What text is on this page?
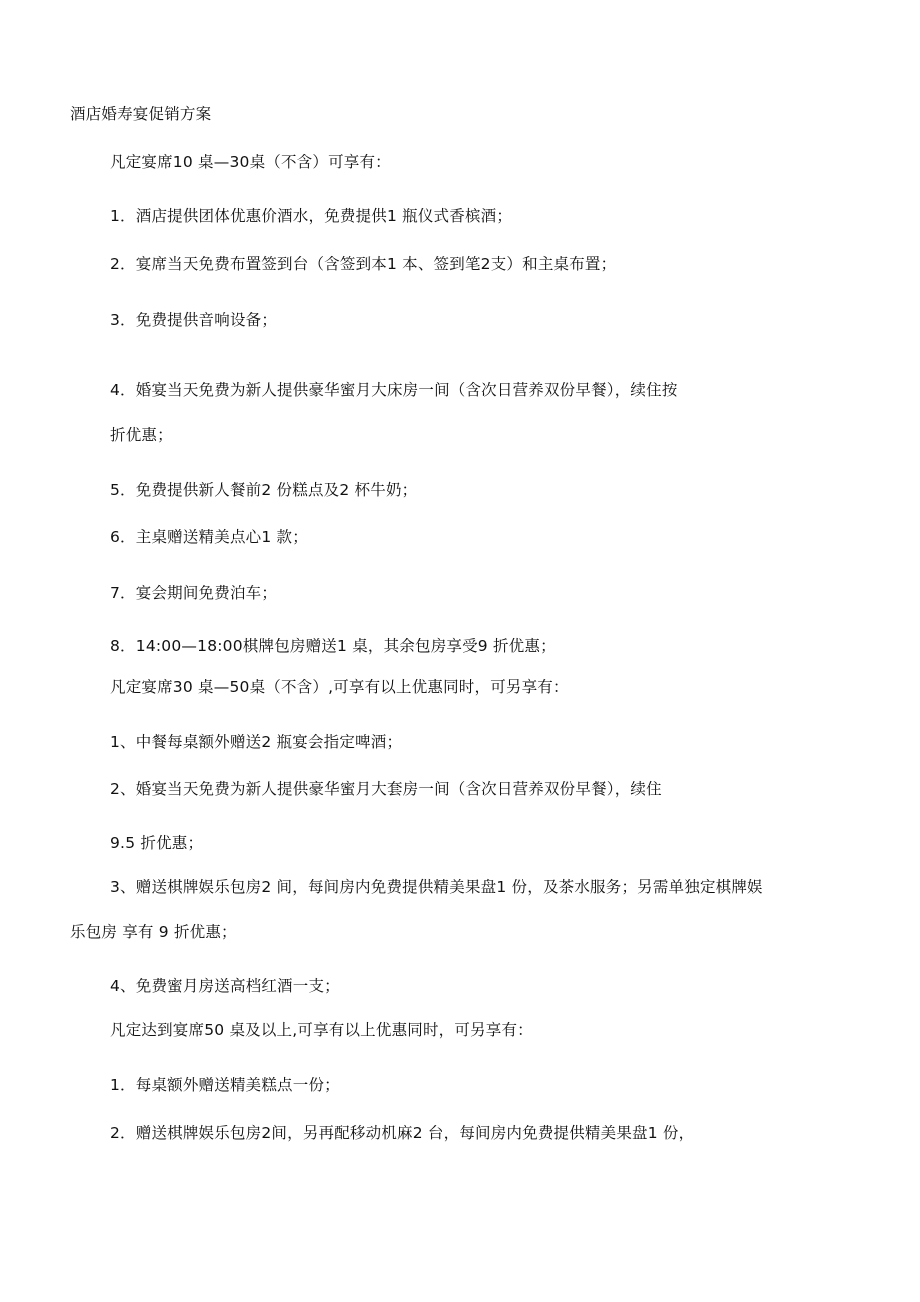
酒店婚寿宴促销方案
凡定宴席10 桌—30桌（不含）可享有：
1．酒店提供团体优惠价酒水，免费提供1 瓶仪式香槟酒；
2．宴席当天免费布置签到台（含签到本1 本、签到笔2支）和主桌布置；
3．免费提供音响设备；
4．婚宴当天免费为新人提供豪华蜜月大床房一间（含次日营养双份早餐），续住按
折优惠；
5．免费提供新人餐前2 份糕点及2 杯牛奶；
6．主桌赠送精美点心1 款；
7．宴会期间免费泊车；
8．14:00—18:00棋牌包房赠送1 桌，其余包房享受9 折优惠；
凡定宴席30 桌—50桌（不含）,可享有以上优惠同时，可另享有：
1、中餐每桌额外赠送2 瓶宴会指定啤酒；
2、婚宴当天免费为新人提供豪华蜜月大套房一间（含次日营养双份早餐），续住
9.5 折优惠；
3、赠送棋牌娱乐包房2 间，每间房内免费提供精美果盘1 份，及茶水服务；另需单独定棋牌娱
乐包房 享有 9 折优惠；
4、免费蜜月房送高档红酒一支；
凡定达到宴席50 桌及以上,可享有以上优惠同时，可另享有：
1．每桌额外赠送精美糕点一份；
2．赠送棋牌娱乐包房2间，另再配移动机麻2 台，每间房内免费提供精美果盘1 份，
